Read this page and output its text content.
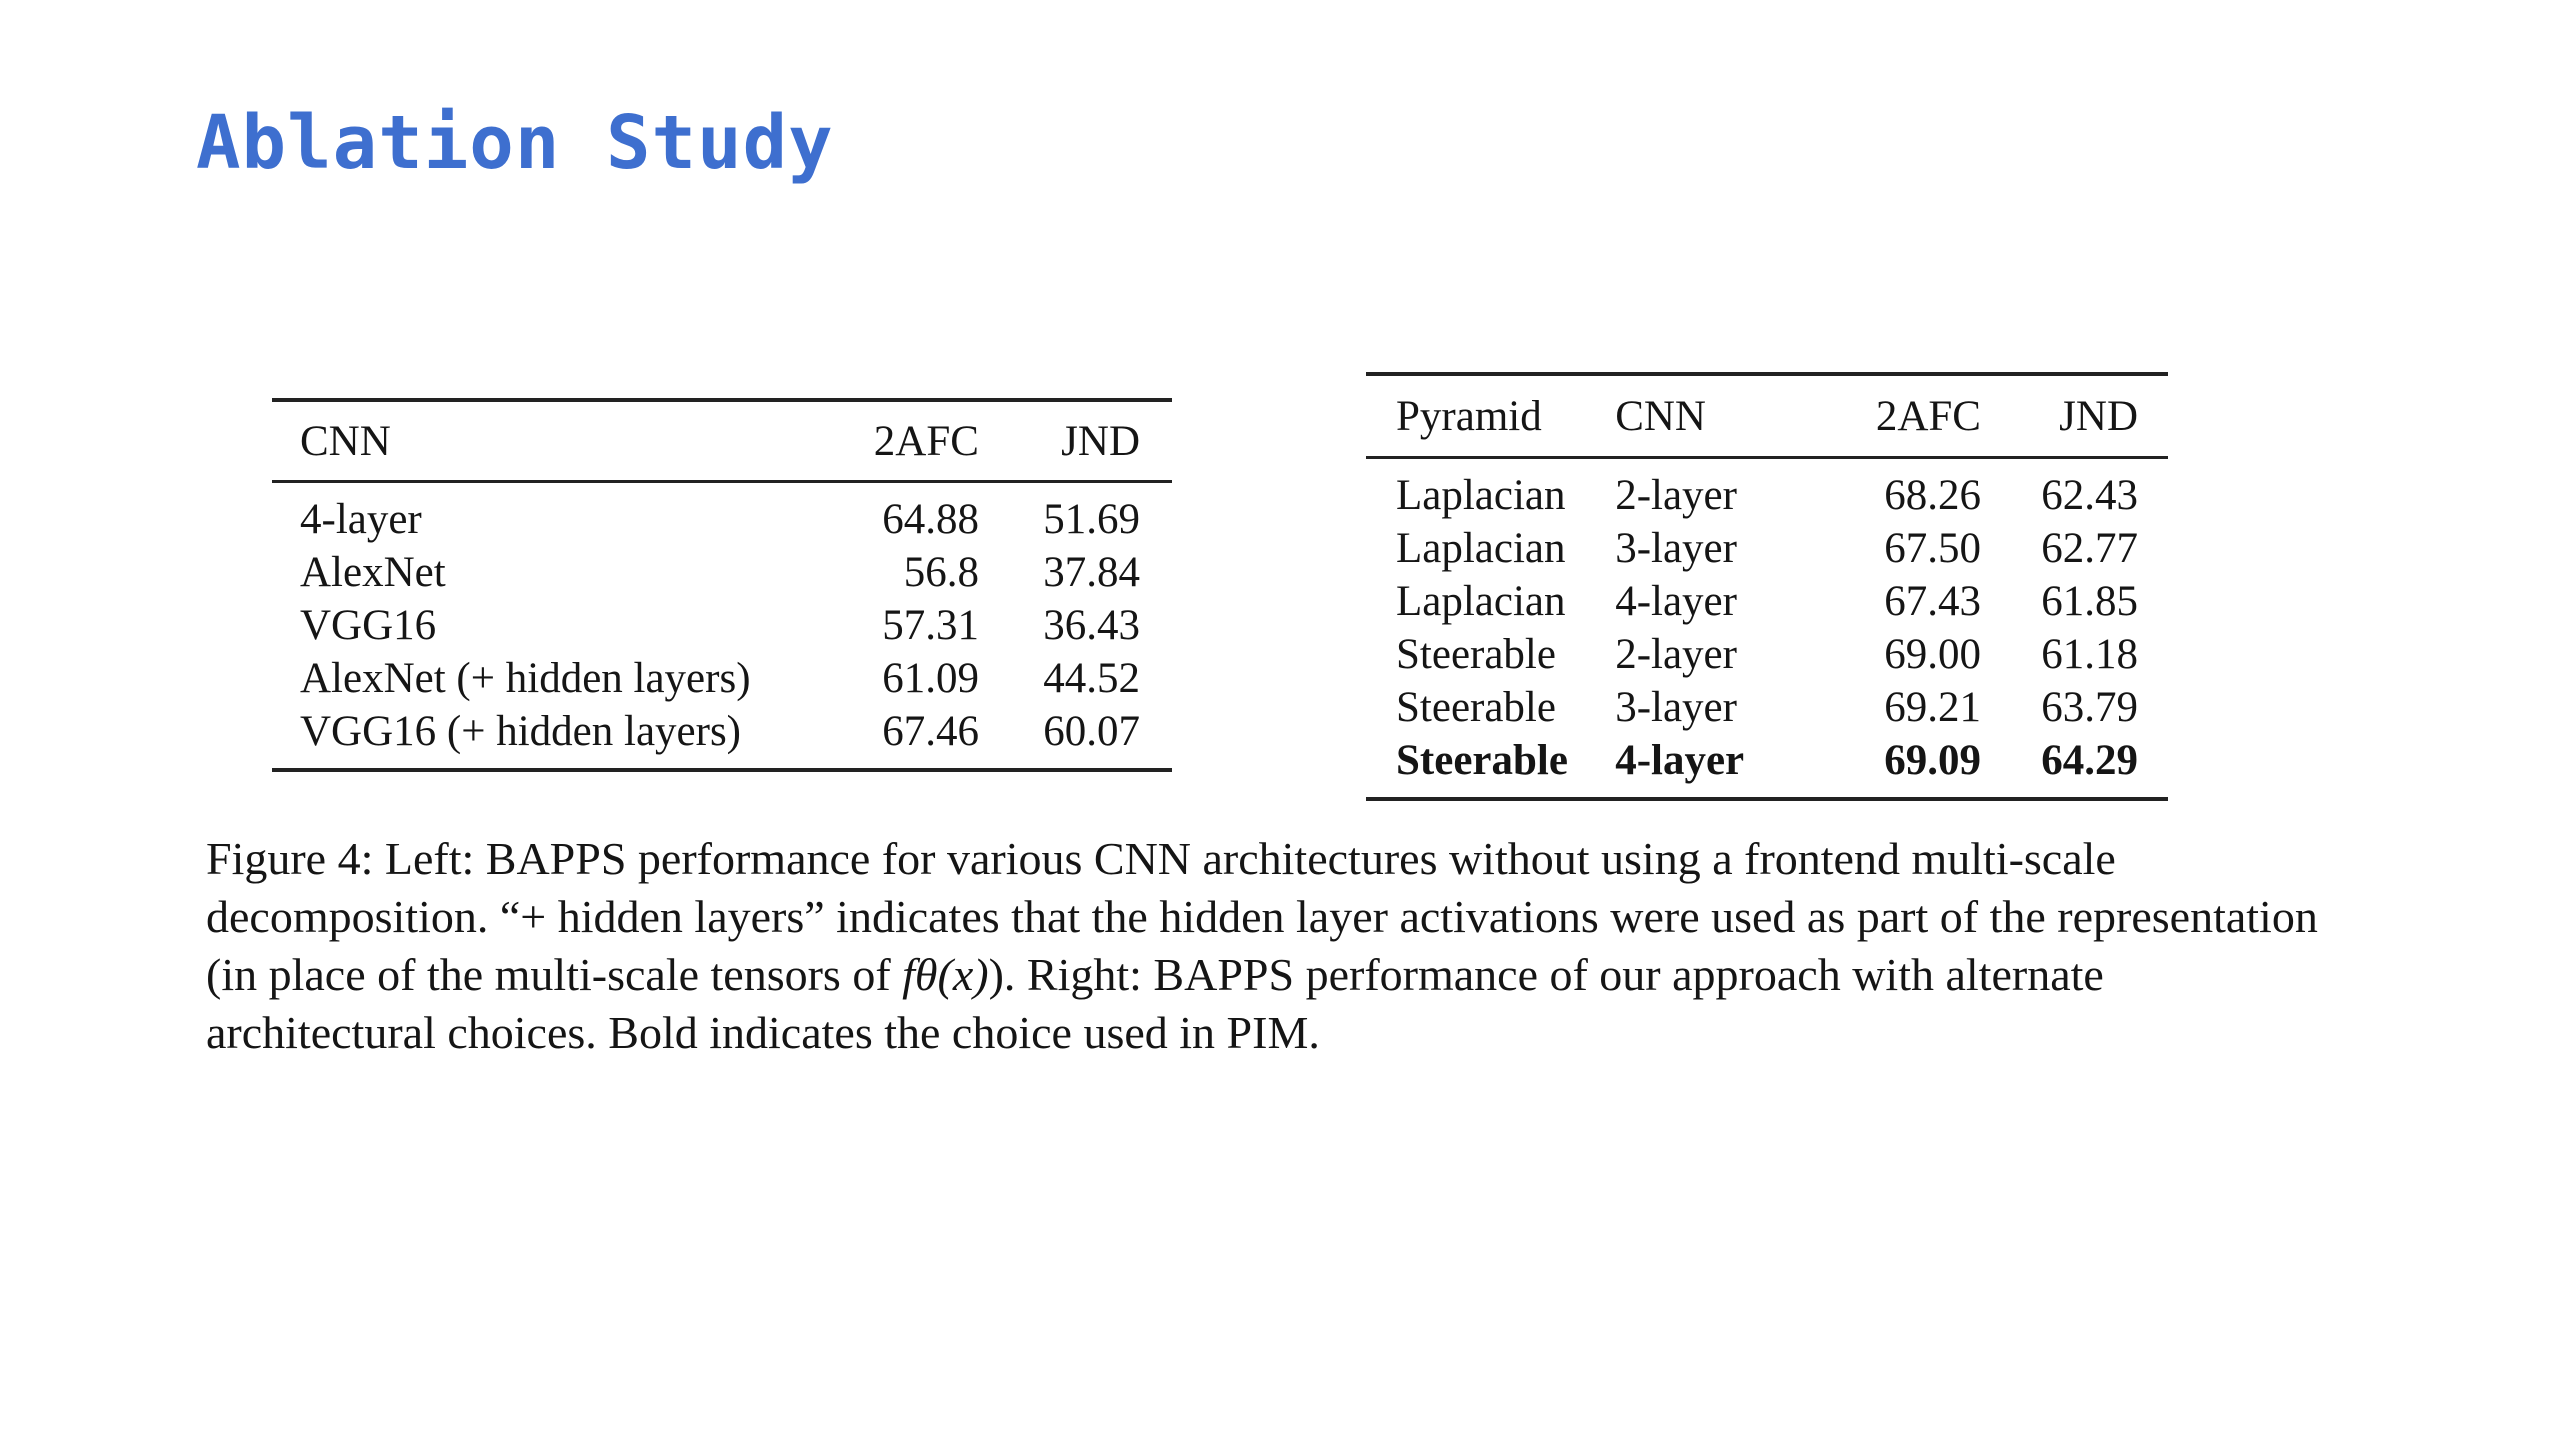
Ablation Study
CNN	2AFC	JND
4-layer	64.88	51.69
AlexNet	56.8	37.84
VGG16	57.31	36.43
AlexNet (+ hidden layers)	61.09	44.52
VGG16 (+ hidden layers)	67.46	60.07
Pyramid	CNN	2AFC	JND
Laplacian	2-layer	68.26	62.43
Laplacian	3-layer	67.50	62.77
Laplacian	4-layer	67.43	61.85
Steerable	2-layer	69.00	61.18
Steerable	3-layer	69.21	63.79
Steerable	4-layer	69.09	64.29
Figure 4: Left: BAPPS performance for various CNN architectures without using a frontend multi-scale decomposition. “+ hidden layers” indicates that the hidden layer activations were used as part of the representation (in place of the multi-scale tensors of fθ(x)). Right: BAPPS performance of our approach with alternate architectural choices. Bold indicates the choice used in PIM.
